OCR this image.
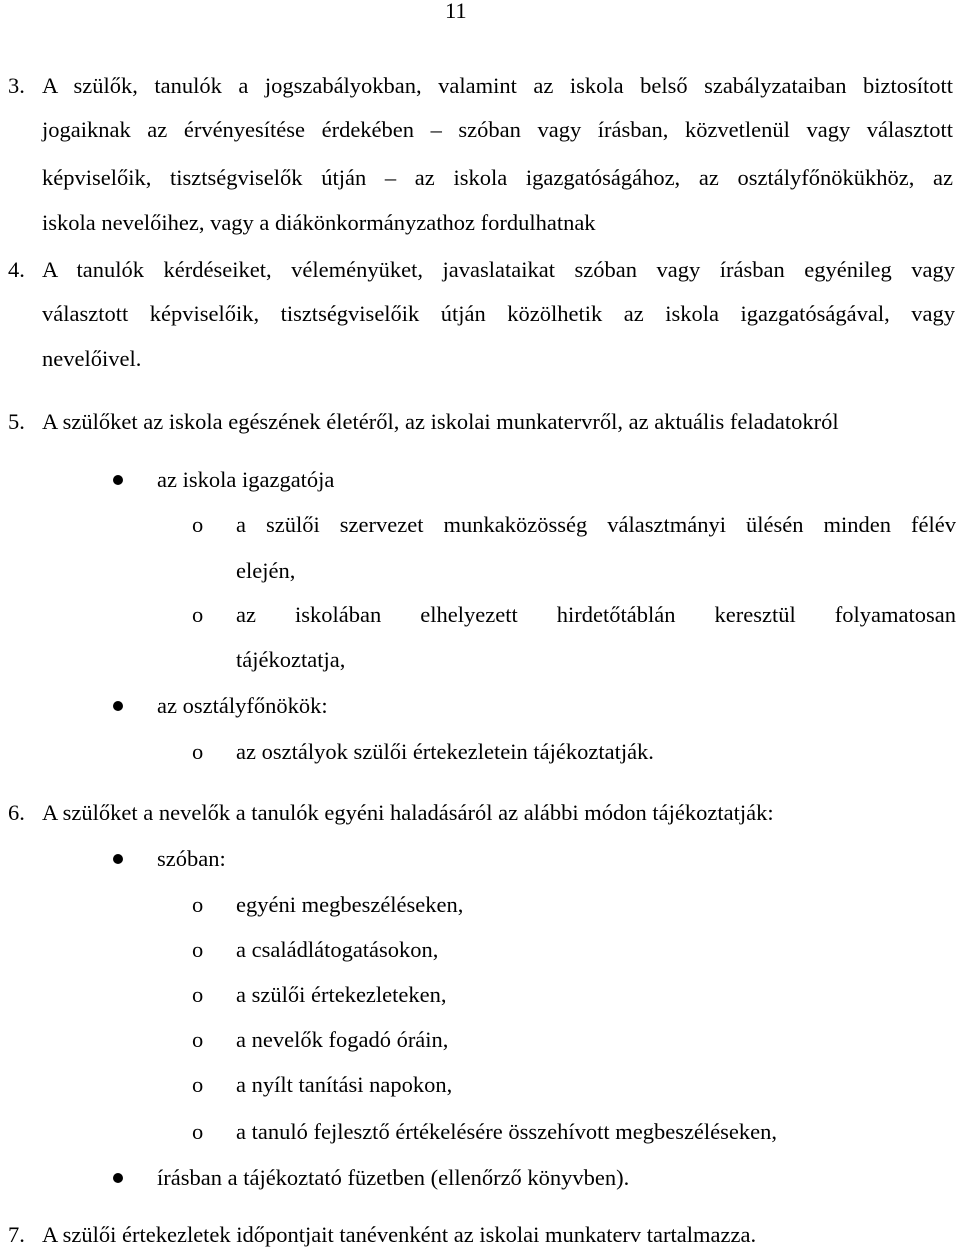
11
3. A szülők, tanulók a jogszabályokban, valamint az iskola belső szabályzataiban biztosított
jogaiknak az érvényesítése érdekében – szóban vagy írásban, közvetlenül vagy választott
képviselőik, tisztségviselők útján – az iskola igazgatóságához, az osztályfőnökükhöz, az
iskola nevelőihez, vagy a diákönkormányzathoz fordulhatnak
4. A tanulók kérdéseiket, véleményüket, javaslataikat szóban vagy írásban egyénileg vagy
választott képviselőik, tisztségviselőik útján közölhetik az iskola igazgatóságával, vagy
nevelőivel.
5. A szülőket az iskola egészének életéről, az iskolai munkatervről, az aktuális feladatokról
az iskola igazgatója
o a szülői szervezet munkaközösség választmányi ülésén minden félév
elején,
o az iskolában elhelyezett hirdetőtáblán keresztül folyamatosan
tájékoztatja,
az osztályfőnökök:
o az osztályok szülői értekezletein tájékoztatják.
6. A szülőket a nevelők a tanulók egyéni haladásáról az alábbi módon tájékoztatják:
szóban:
o egyéni megbeszéléseken,
o a családlátogatásokon,
o a szülői értekezleteken,
o a nevelők fogadó óráin,
o a nyílt tanítási napokon,
o a tanuló fejlesztő értékelésére összehívott megbeszéléseken,
írásban a tájékoztató füzetben (ellenőrző könyvben).
7. A szülői értekezletek időpontjait tanévenként az iskolai munkaterv tartalmazza.
